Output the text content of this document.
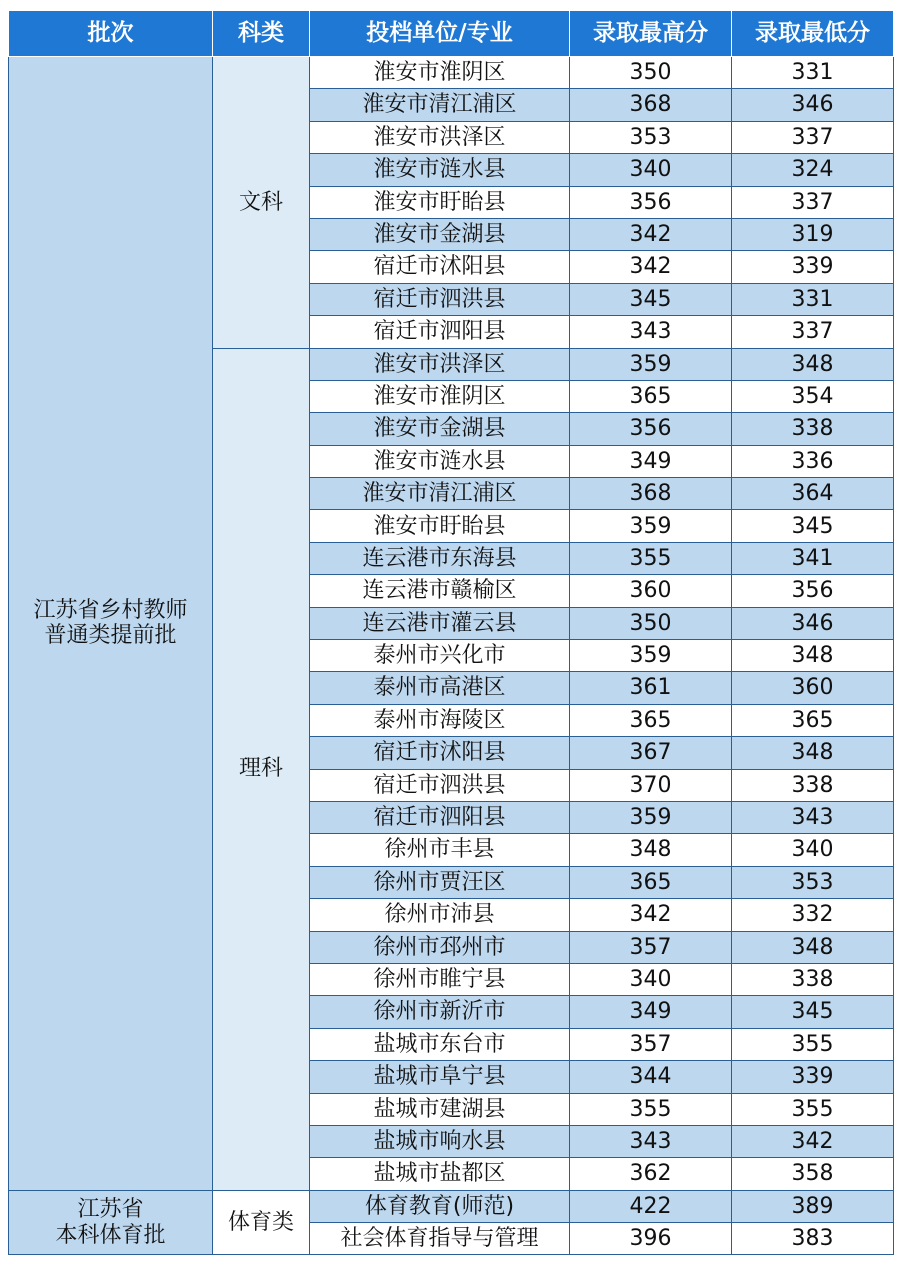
批次	科类	投档单位/专业	录取最高分	录取最低分

江苏省乡村教师
普通类提前批	文科	淮安市淮阴区	350	331
		淮安市清江浦区	368	346
		淮安市洪泽区	353	337
		淮安市涟水县	340	324
		淮安市盱眙县	356	337
		淮安市金湖县	342	319
		宿迁市沭阳县	342	339
		宿迁市泗洪县	345	331
		宿迁市泗阳县	343	337
	理科	淮安市洪泽区	359	348
		淮安市淮阴区	365	354
		淮安市金湖县	356	338
		淮安市涟水县	349	336
		淮安市清江浦区	368	364
		淮安市盱眙县	359	345
		连云港市东海县	355	341
		连云港市赣榆区	360	356
		连云港市灌云县	350	346
		泰州市兴化市	359	348
		泰州市高港区	361	360
		泰州市海陵区	365	365
		宿迁市沭阳县	367	348
		宿迁市泗洪县	370	338
		宿迁市泗阳县	359	343
		徐州市丰县	348	340
		徐州市贾汪区	365	353
		徐州市沛县	342	332
		徐州市邳州市	357	348
		徐州市睢宁县	340	338
		徐州市新沂市	349	345
		盐城市东台市	357	355
		盐城市阜宁县	344	339
		盐城市建湖县	355	355
		盐城市响水县	343	342
		盐城市盐都区	362	358

江苏省
本科体育批	体育类	体育教育(师范)	422	389
		社会体育指导与管理	396	383
